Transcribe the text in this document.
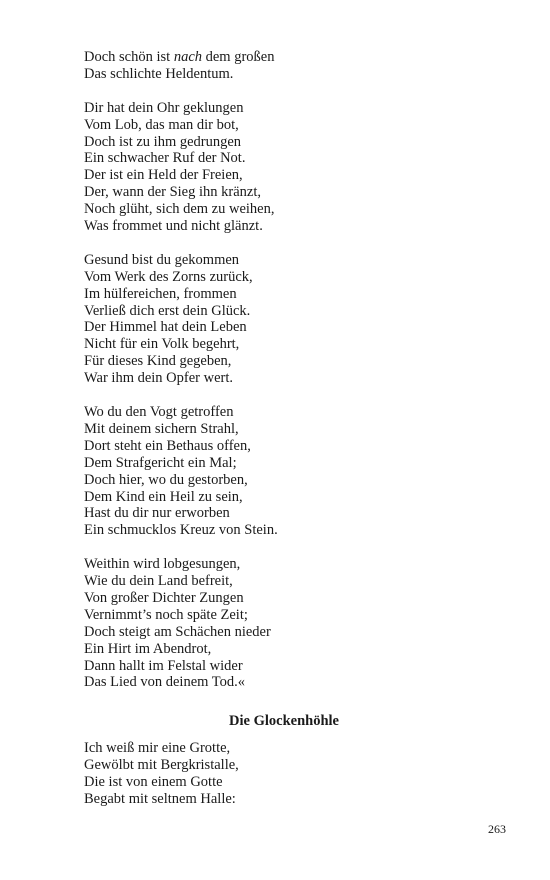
Doch schön ist nach dem großen
Das schlichte Heldentum.
Dir hat dein Ohr geklungen
Vom Lob, das man dir bot,
Doch ist zu ihm gedrungen
Ein schwacher Ruf der Not.
Der ist ein Held der Freien,
Der, wann der Sieg ihn kränzt,
Noch glüht, sich dem zu weihen,
Was frommet und nicht glänzt.
Gesund bist du gekommen
Vom Werk des Zorns zurück,
Im hülfereichen, frommen
Verließ dich erst dein Glück.
Der Himmel hat dein Leben
Nicht für ein Volk begehrt,
Für dieses Kind gegeben,
War ihm dein Opfer wert.
Wo du den Vogt getroffen
Mit deinem sichern Strahl,
Dort steht ein Bethaus offen,
Dem Strafgericht ein Mal;
Doch hier, wo du gestorben,
Dem Kind ein Heil zu sein,
Hast du dir nur erworben
Ein schmucklos Kreuz von Stein.
Weithin wird lobgesungen,
Wie du dein Land befreit,
Von großer Dichter Zungen
Vernimmt’s noch späte Zeit;
Doch steigt am Schächen nieder
Ein Hirt im Abendrot,
Dann hallt im Felstal wider
Das Lied von deinem Tod.«
Die Glockenhöhle
Ich weiß mir eine Grotte,
Gewölbt mit Bergkristalle,
Die ist von einem Gotte
Begabt mit seltnem Halle:
263
